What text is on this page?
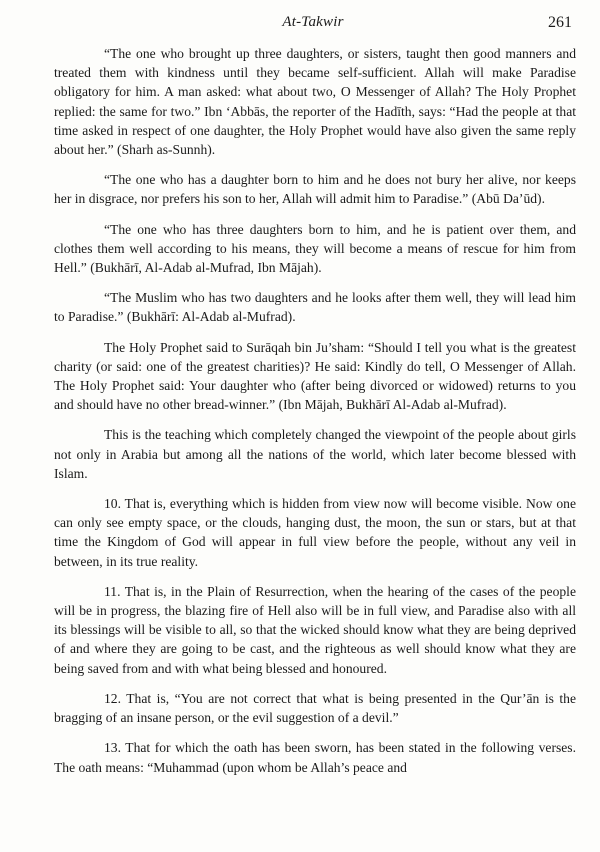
At-Takwir	261

“The one who brought up three daughters, or sisters, taught then good manners and treated them with kindness until they became self-sufficient. Allah will make Paradise obligatory for him. A man asked: what about two, O Messenger of Allah? The Holy Prophet replied: the same for two.” Ibn ‘Abbās, the reporter of the Hadīth, says: “Had the people at that time asked in respect of one daughter, the Holy Prophet would have also given the same reply about her.” (Sharh as-Sunnh).

“The one who has a daughter born to him and he does not bury her alive, nor keeps her in disgrace, nor prefers his son to her, Allah will admit him to Paradise.” (Abū Da’ūd).

“The one who has three daughters born to him, and he is patient over them, and clothes them well according to his means, they will become a means of rescue for him from Hell.” (Bukhārī, Al-Adab al-Mufrad, Ibn Mājah).

“The Muslim who has two daughters and he looks after them well, they will lead him to Paradise.” (Bukhārī: Al-Adab al-Mufrad).

The Holy Prophet said to Surāqah bin Ju’sham: “Should I tell you what is the greatest charity (or said: one of the greatest charities)? He said: Kindly do tell, O Messenger of Allah. The Holy Prophet said: Your daughter who (after being divorced or widowed) returns to you and should have no other bread-winner.” (Ibn Mājah, Bukhārī Al-Adab al-Mufrad).

This is the teaching which completely changed the viewpoint of the people about girls not only in Arabia but among all the nations of the world, which later become blessed with Islam.

10. That is, everything which is hidden from view now will become visible. Now one can only see empty space, or the clouds, hanging dust, the moon, the sun or stars, but at that time the Kingdom of God will appear in full view before the people, without any veil in between, in its true reality.

11. That is, in the Plain of Resurrection, when the hearing of the cases of the people will be in progress, the blazing fire of Hell also will be in full view, and Paradise also with all its blessings will be visible to all, so that the wicked should know what they are being deprived of and where they are going to be cast, and the righteous as well should know what they are being saved from and with what being blessed and honoured.

12. That is, “You are not correct that what is being presented in the Qur’ān is the bragging of an insane person, or the evil suggestion of a devil.”

13. That for which the oath has been sworn, has been stated in the following verses. The oath means: “Muhammad (upon whom be Allah’s peace and
